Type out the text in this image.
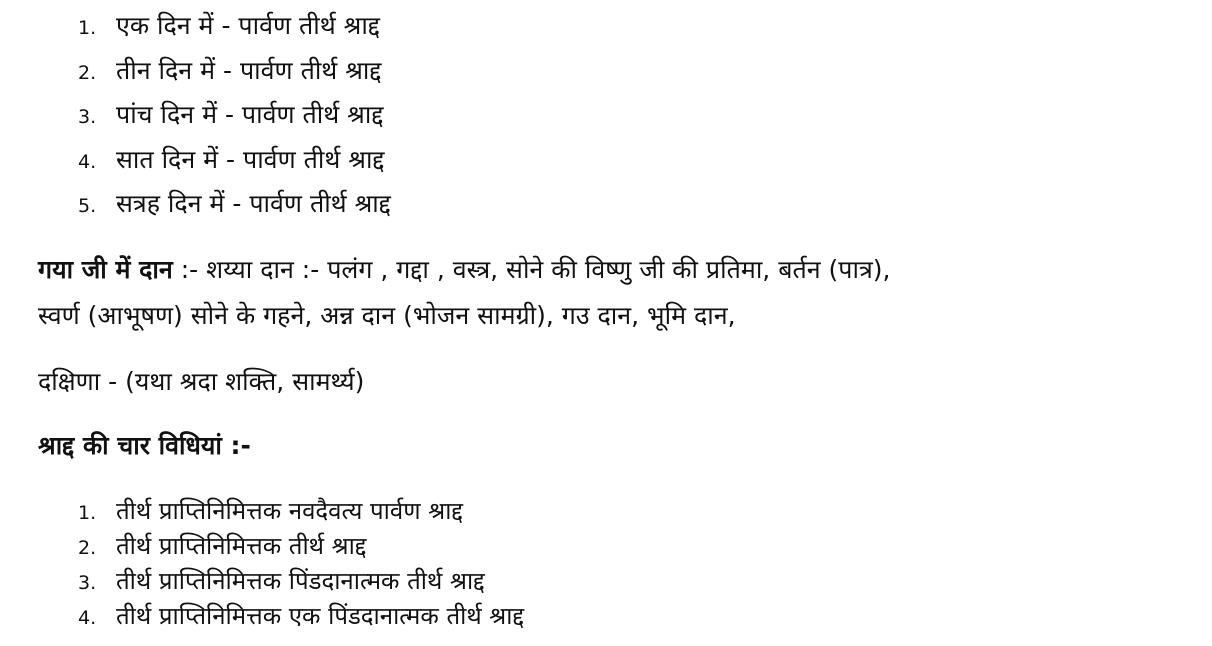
1. एक दिन में - पार्वण तीर्थ श्राद्द
2. तीन दिन में - पार्वण तीर्थ श्राद्द
3. पांच दिन में - पार्वण तीर्थ श्राद्द
4. सात दिन में - पार्वण तीर्थ श्राद्द
5. सत्रह दिन में - पार्वण तीर्थ श्राद्द

गया जी में दान :- शय्या दान :- पलंग , गद्दा , वस्त्र, सोने की विष्णु जी की प्रतिमा, बर्तन (पात्र),

स्वर्ण (आभूषण) सोने के गहने, अन्न दान (भोजन सामग्री), गउ दान, भूमि दान,

दक्षिणा - (यथा श्रदा शक्ति, सामर्थ्य)

श्राद्द की चार विधियां :-

1. तीर्थ प्राप्तिनिमित्तक नवदैवत्य पार्वण श्राद्द
2. तीर्थ प्राप्तिनिमित्तक तीर्थ श्राद्द
3. तीर्थ प्राप्तिनिमित्तक पिंडदानात्मक तीर्थ श्राद्द
4. तीर्थ प्राप्तिनिमित्तक एक पिंडदानात्मक तीर्थ श्राद्द
